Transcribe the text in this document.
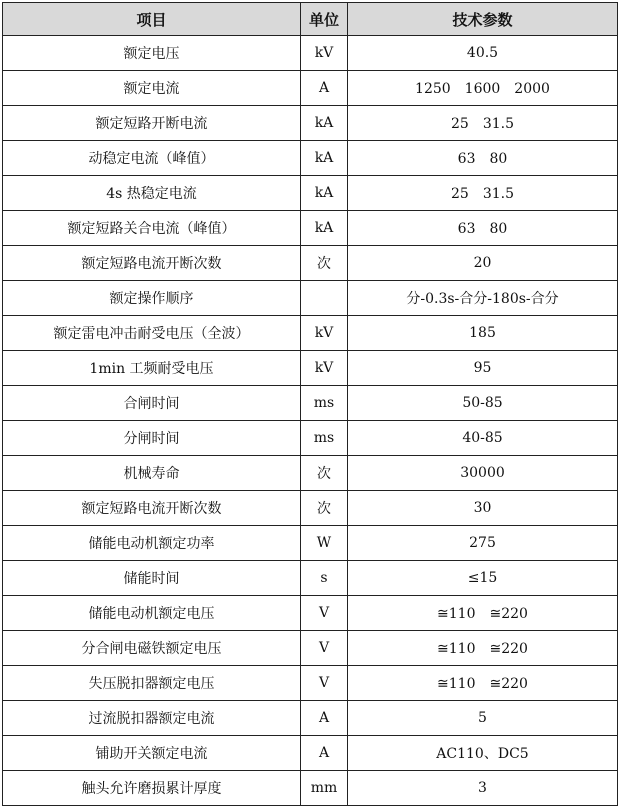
项目	单位	技术参数
额定电压	kV	40.5
额定电流	A	1250　1600　2000
额定短路开断电流	kA	25　31.5
动稳定电流（峰值）	kA	63　80
4s 热稳定电流	kA	25　31.5
额定短路关合电流（峰值）	kA	63　80
额定短路电流开断次数	次	20
额定操作顺序		分-0.3s-合分-180s-合分
额定雷电冲击耐受电压（全波）	kV	185
1min 工频耐受电压	kV	95
合闸时间	ms	50-85
分闸时间	ms	40-85
机械寿命	次	30000
额定短路电流开断次数	次	30
储能电动机额定功率	W	275
储能时间	s	≤15
储能电动机额定电压	V	≅110　≅220
分合闸电磁铁额定电压	V	≅110　≅220
失压脱扣器额定电压	V	≅110　≅220
过流脱扣器额定电流	A	5
铺助开关额定电流	A	AC110、DC5
触头允许磨损累计厚度	mm	3
